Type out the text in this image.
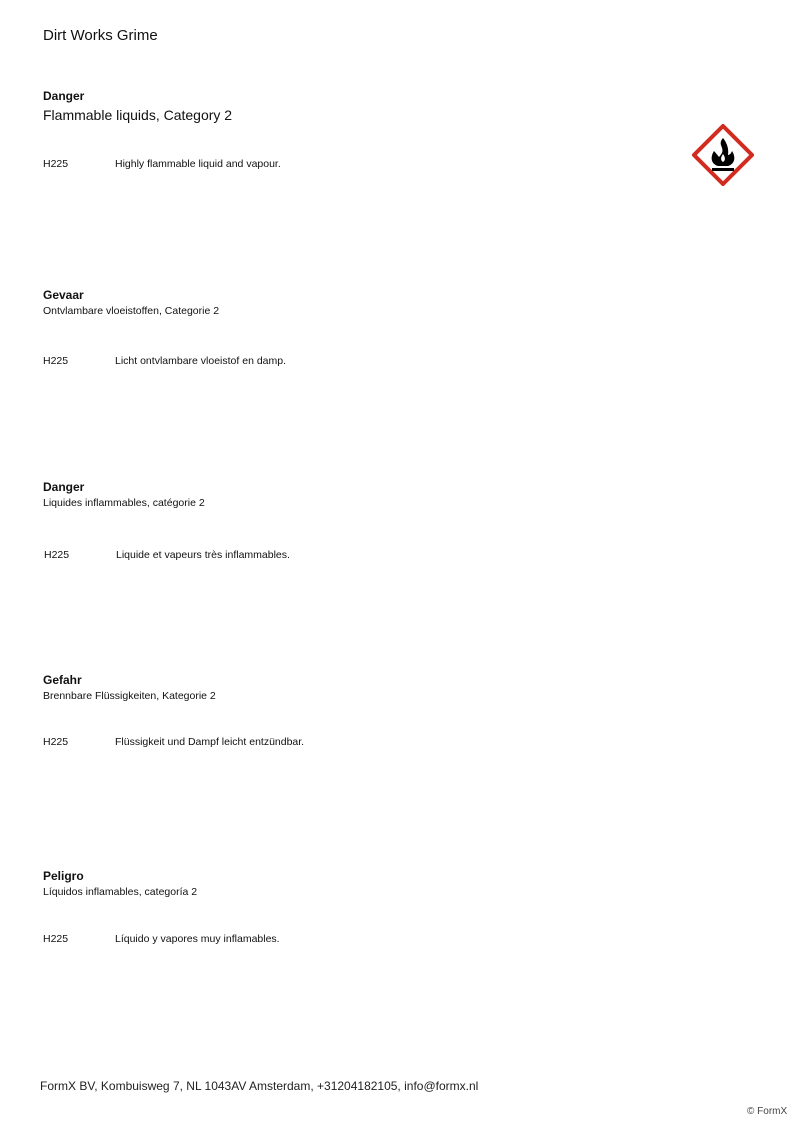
Dirt Works Grime
Danger
Flammable liquids, Category 2
H225	Highly flammable liquid and vapour.
Gevaar
Ontvlambare vloeistoffen, Categorie 2
H225	Licht ontvlambare vloeistof en damp.
Danger
Liquides inflammables, catégorie 2
H225	Liquide et vapeurs très inflammables.
Gefahr
Brennbare Flüssigkeiten, Kategorie 2
H225	Flüssigkeit und Dampf leicht entzündbar.
Peligro
Líquidos inflamables, categoría 2
H225	Líquido y vapores muy inflamables.
FormX BV, Kombuisweg 7, NL 1043AV Amsterdam, +31204182105, info@formx.nl
© FormX
